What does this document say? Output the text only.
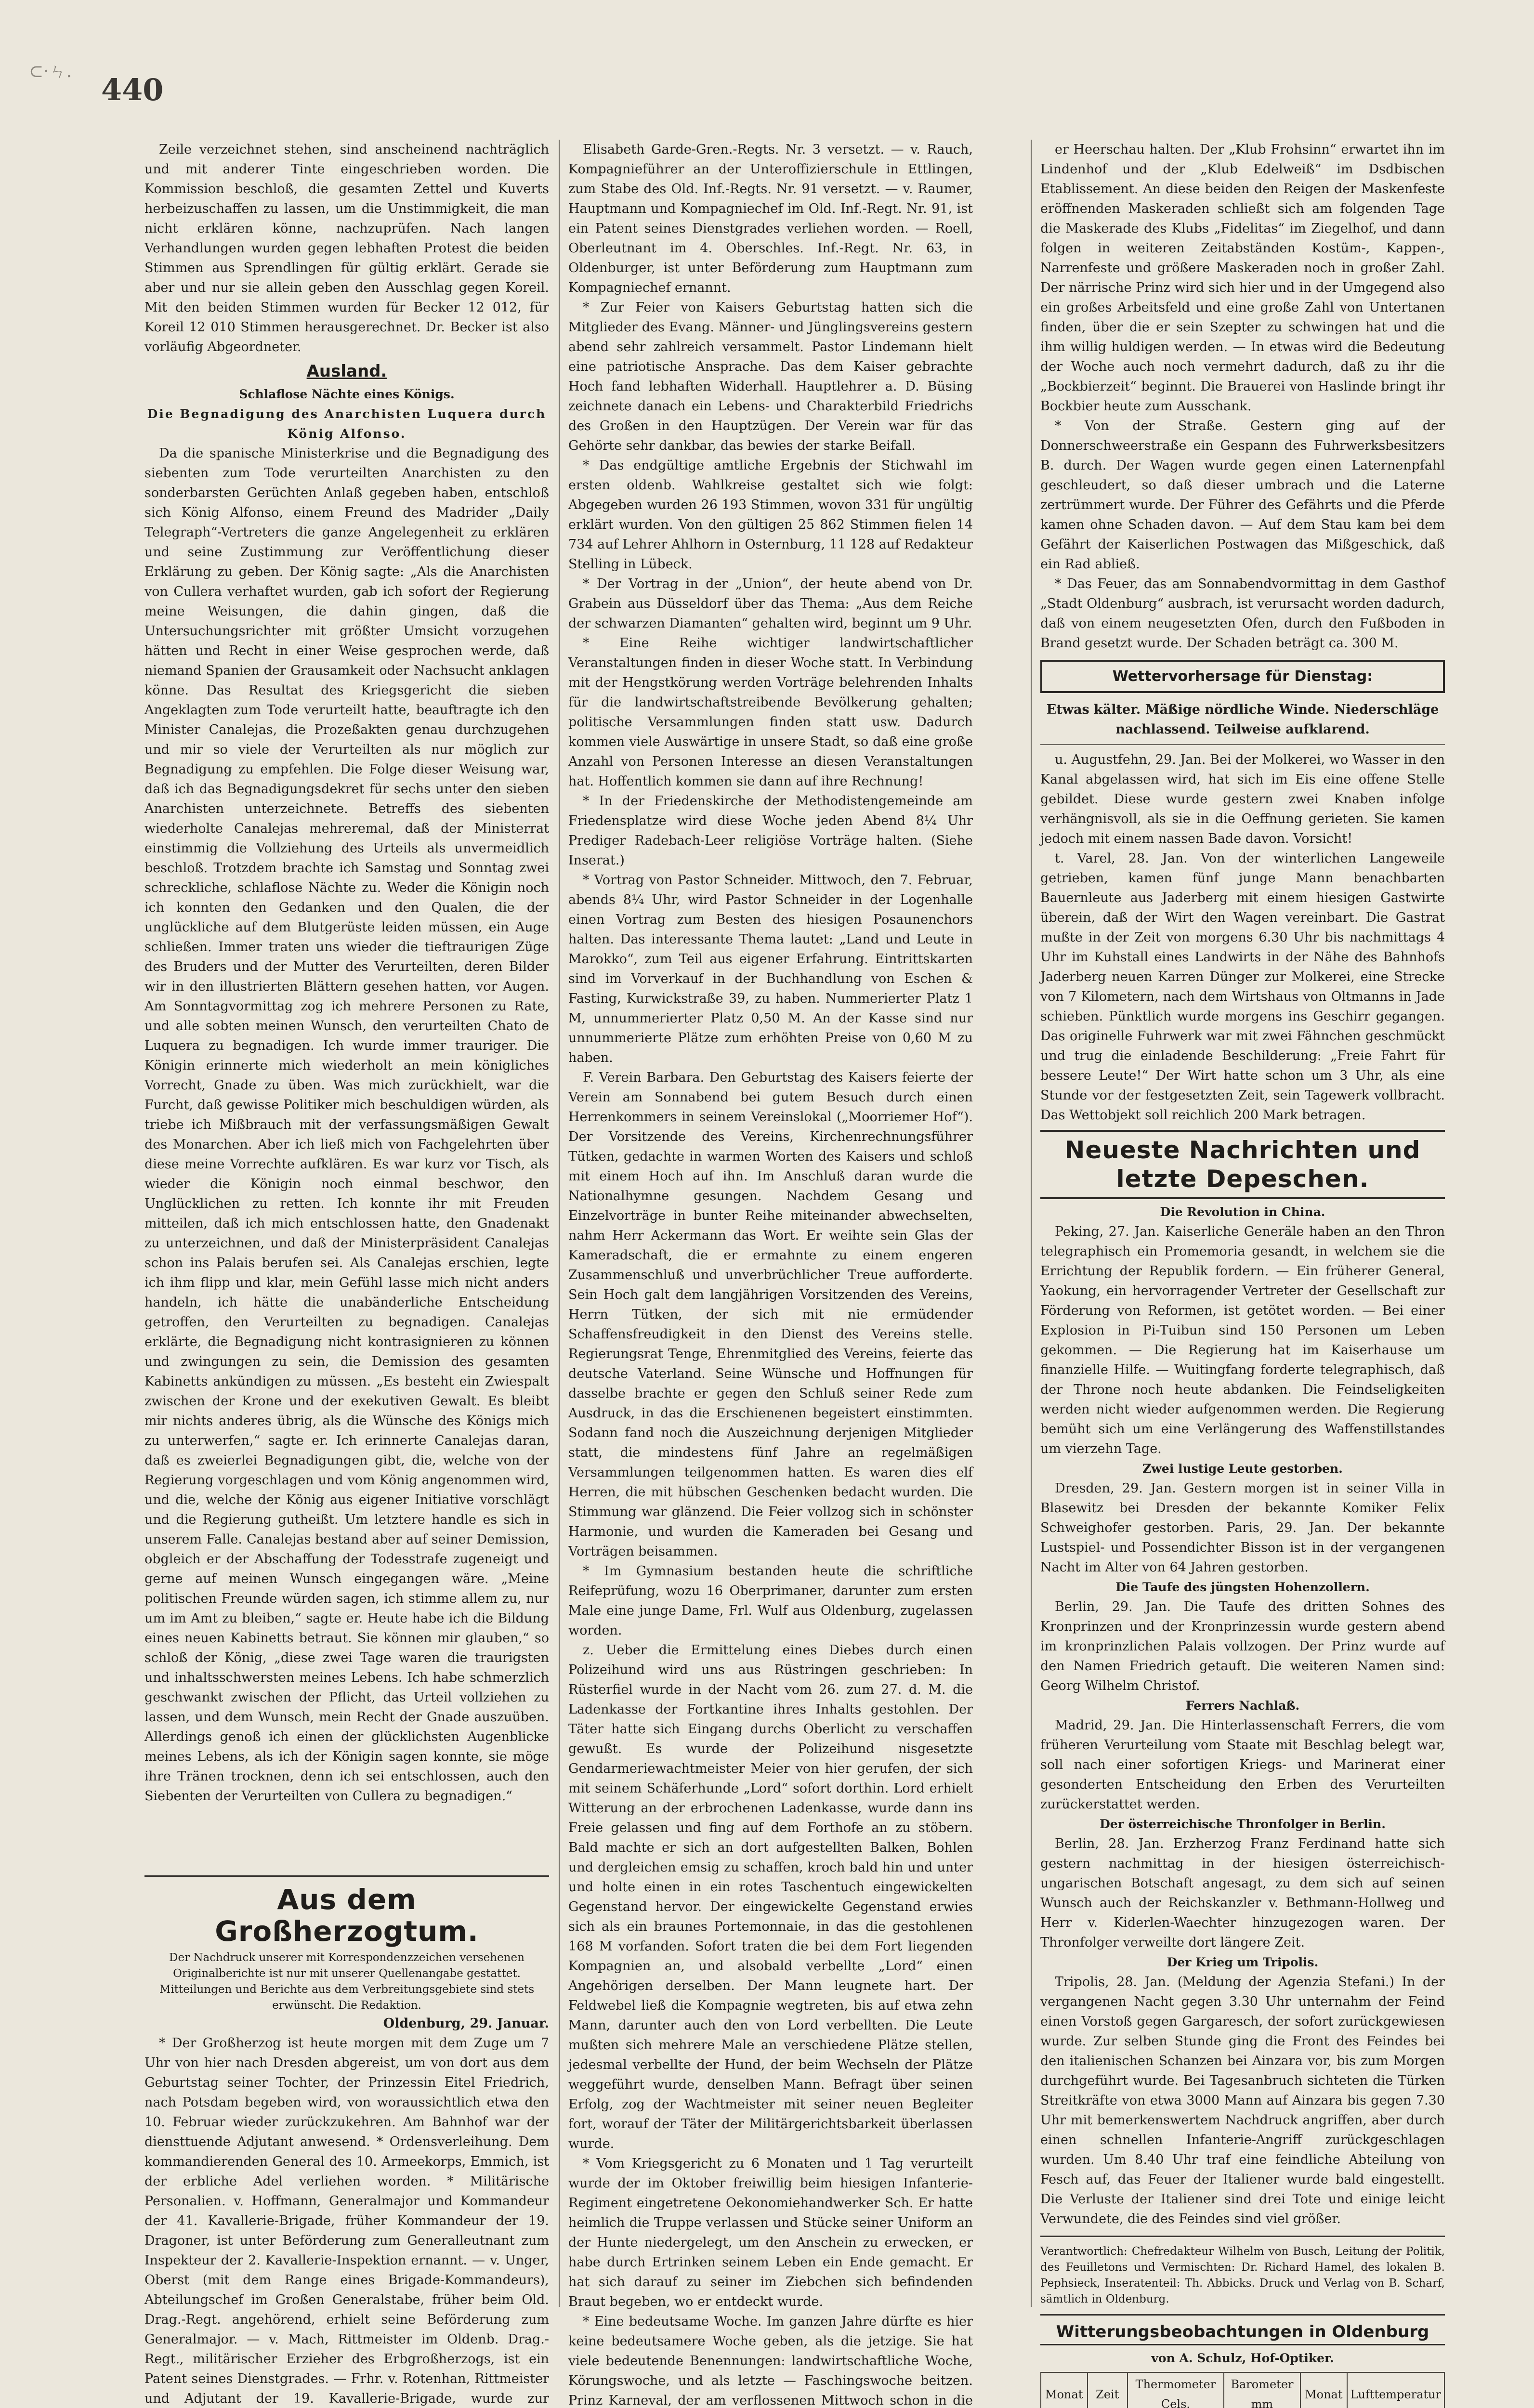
⊂·ㄣ.
440

Zeile verzeichnet stehen, sind anscheinend nachträglich und mit anderer Tinte eingeschrieben worden. Die Kommission beschloß, die gesamten Zettel und Kuverts herbeizuschaffen zu lassen, um die Unstimmigkeit, die man nicht erklären könne, nachzuprüfen. Nach langen Verhandlungen wurden gegen lebhaften Protest die beiden Stimmen aus Sprendlingen für gültig erklärt. Gerade sie aber und nur sie allein geben den Ausschlag gegen Koreil. Mit den beiden Stimmen wurden für Becker 12 012, für Koreil 12 010 Stimmen herausgerechnet. Dr. Becker ist also vorläufig Abgeordneter.

Ausland.
Schlaflose Nächte eines Königs.
Die Begnadigung des Anarchisten Luquera durch König Alfonso.

Da die spanische Ministerkrise und die Begnadigung des siebenten zum Tode verurteilten Anarchisten zu den sonderbarsten Gerüchten Anlaß gegeben haben, entschloß sich König Alfonso, einem Freund des Madrider „Daily Telegraph“-Vertreters die ganze Angelegenheit zu erklären und seine Zustimmung zur Veröffentlichung dieser Erklärung zu geben. Der König sagte: „Als die Anarchisten von Cullera verhaftet wurden, gab ich sofort der Regierung meine Weisungen, die dahin gingen, daß die Untersuchungsrichter mit größter Umsicht vorzugehen hätten und Recht in einer Weise gesprochen werde, daß niemand Spanien der Grausamkeit oder Nachsucht anklagen könne. Das Resultat des Kriegsgericht die sieben Angeklagten zum Tode verurteilt hatte, beauftragte ich den Minister Canalejas, die Prozeßakten genau durchzugehen und mir so viele der Verurteilten als nur möglich zur Begnadigung zu empfehlen. Die Folge dieser Weisung war, daß ich das Begnadigungsdekret für sechs unter den sieben Anarchisten unterzeichnete. Betreffs des siebenten wiederholte Canalejas mehreremal, daß der Ministerrat einstimmig die Vollziehung des Urteils als unvermeidlich beschloß. Trotzdem brachte ich Samstag und Sonntag zwei schreckliche, schlaflose Nächte zu. Weder die Königin noch ich konnten den Gedanken und den Qualen, die der unglückliche auf dem Blutgerüste leiden müssen, ein Auge schließen. Immer traten uns wieder die tieftraurigen Züge des Bruders und der Mutter des Verurteilten, deren Bilder wir in den illustrierten Blättern gesehen hatten, vor Augen. Am Sonntagvormittag zog ich mehrere Personen zu Rate, und alle sobten meinen Wunsch, den verurteilten Chato de Luquera zu begnadigen. Ich wurde immer trauriger. Die Königin erinnerte mich wiederholt an mein königliches Vorrecht, Gnade zu üben. Was mich zurückhielt, war die Furcht, daß gewisse Politiker mich beschuldigen würden, als triebe ich Mißbrauch mit der verfassungsmäßigen Gewalt des Monarchen. Aber ich ließ mich von Fachgelehrten über diese meine Vorrechte aufklären. Es war kurz vor Tisch, als wieder die Königin noch einmal beschwor, den Unglücklichen zu retten. Ich konnte ihr mit Freuden mitteilen, daß ich mich entschlossen hatte, den Gnadenakt zu unterzeichnen, und daß der Ministerpräsident Canalejas schon ins Palais berufen sei. Als Canalejas erschien, legte ich ihm flipp und klar, mein Gefühl lasse mich nicht anders handeln, ich hätte die unabänderliche Entscheidung getroffen, den Verurteilten zu begnadigen. Canalejas erklärte, die Begnadigung nicht kontrasignieren zu können und zwingungen zu sein, die Demission des gesamten Kabinetts ankündigen zu müssen. „Es besteht ein Zwiespalt zwischen der Krone und der exekutiven Gewalt. Es bleibt mir nichts anderes übrig, als die Wünsche des Königs mich zu unterwerfen,“ sagte er. Ich erinnerte Canalejas daran, daß es zweierlei Begnadigungen gibt, die, welche von der Regierung vorgeschlagen und vom König angenommen wird, und die, welche der König aus eigener Initiative vorschlägt und die Regierung gutheißt. Um letztere handle es sich in unserem Falle. Canalejas bestand aber auf seiner Demission, obgleich er der Abschaffung der Todesstrafe zugeneigt und gerne auf meinen Wunsch eingegangen wäre. „Meine politischen Freunde würden sagen, ich stimme allem zu, nur um im Amt zu bleiben,“ sagte er. Heute habe ich die Bildung eines neuen Kabinetts betraut. Sie können mir glauben,“ so schloß der König, „diese zwei Tage waren die traurigsten und inhaltsschwersten meines Lebens. Ich habe schmerzlich geschwankt zwischen der Pflicht, das Urteil vollziehen zu lassen, und dem Wunsch, mein Recht der Gnade auszuüben. Allerdings genoß ich einen der glücklichsten Augenblicke meines Lebens, als ich der Königin sagen konnte, sie möge ihre Tränen trocknen, denn ich sei entschlossen, auch den Siebenten der Verurteilten von Cullera zu begnadigen.“

Aus dem Großherzogtum.
Der Nachdruck unserer mit Korrespondenzzeichen versehenen Originalberichte ist nur mit unserer Quellenangabe gestattet. Mitteilungen und Berichte aus dem Verbreitungsgebiete sind stets erwünscht. Die Redaktion.
Oldenburg, 29. Januar.

* Der Großherzog ist heute morgen mit dem Zuge um 7 Uhr von hier nach Dresden abgereist, um von dort aus dem Geburtstag seiner Tochter, der Prinzessin Eitel Friedrich, nach Potsdam begeben wird, von woraussichtlich etwa den 10. Februar wieder zurückzukehren. Am Bahnhof war der diensttuende Adjutant anwesend. * Ordensverleihung. Dem kommandierenden General des 10. Armeekorps, Emmich, ist der erbliche Adel verliehen worden. * Militärische Personalien. v. Hoffmann, Generalmajor und Kommandeur der 41. Kavallerie-Brigade, früher Kommandeur der 19. Dragoner, ist unter Beförderung zum Generalleutnant zum Inspekteur der 2. Kavallerie-Inspektion ernannt. — v. Unger, Oberst (mit dem Range eines Brigade-Kommandeurs), Abteilungschef im Großen Generalstabe, früher beim Old. Drag.-Regt. angehörend, erhielt seine Beförderung zum Generalmajor. — v. Mach, Rittmeister im Oldenb. Drag.-Regt., militärischer Erzieher des Erbgroßherzogs, ist ein Patent seines Dienstgrades. — Frhr. v. Rotenhan, Rittmeister und Adjutant der 19. Kavallerie-Brigade, wurde zur

Elisabeth Garde-Gren.-Regts. Nr. 3 versetzt. — v. Rauch, Kompagnieführer an der Unteroffizierschule in Ettlingen, zum Stabe des Old. Inf.-Regts. Nr. 91 versetzt. — v. Raumer, Hauptmann und Kompagniechef im Old. Inf.-Regt. Nr. 91, ist ein Patent seines Dienstgrades verliehen worden. — Roell, Oberleutnant im 4. Oberschles. Inf.-Regt. Nr. 63, in Oldenburger, ist unter Beförderung zum Hauptmann zum Kompagniechef ernannt.

* Zur Feier von Kaisers Geburtstag hatten sich die Mitglieder des Evang. Männer- und Jünglingsvereins gestern abend sehr zahlreich versammelt. Pastor Lindemann hielt eine patriotische Ansprache. Das dem Kaiser gebrachte Hoch fand lebhaften Widerhall. Hauptlehrer a. D. Büsing zeichnete danach ein Lebens- und Charakterbild Friedrichs des Großen in den Hauptzügen. Der Verein war für das Gehörte sehr dankbar, das bewies der starke Beifall.

* Das endgültige amtliche Ergebnis der Stichwahl im ersten oldenb. Wahlkreise gestaltet sich wie folgt: Abgegeben wurden 26 193 Stimmen, wovon 331 für ungültig erklärt wurden. Von den gültigen 25 862 Stimmen fielen 14 734 auf Lehrer Ahlhorn in Osternburg, 11 128 auf Redakteur Stelling in Lübeck.

* Der Vortrag in der „Union“, der heute abend von Dr. Grabein aus Düsseldorf über das Thema: „Aus dem Reiche der schwarzen Diamanten“ gehalten wird, beginnt um 9 Uhr.

* Eine Reihe wichtiger landwirtschaftlicher Veranstaltungen finden in dieser Woche statt. In Verbindung mit der Hengstkörung werden Vorträge belehrenden Inhalts für die landwirtschaftstreibende Bevölkerung gehalten; politische Versammlungen finden statt usw. Dadurch kommen viele Auswärtige in unsere Stadt, so daß eine große Anzahl von Personen Interesse an diesen Veranstaltungen hat. Hoffentlich kommen sie dann auf ihre Rechnung!

* In der Friedenskirche der Methodistengemeinde am Friedensplatze wird diese Woche jeden Abend 8¼ Uhr Prediger Radebach-Leer religiöse Vorträge halten. (Siehe Inserat.)

* Vortrag von Pastor Schneider. Mittwoch, den 7. Februar, abends 8¼ Uhr, wird Pastor Schneider in der Logenhalle einen Vortrag zum Besten des hiesigen Posaunenchors halten. Das interessante Thema lautet: „Land und Leute in Marokko“, zum Teil aus eigener Erfahrung. Eintrittskarten sind im Vorverkauf in der Buchhandlung von Eschen & Fasting, Kurwickstraße 39, zu haben. Nummerierter Platz 1 M, unnummerierter Platz 0,50 M. An der Kasse sind nur unnummerierte Plätze zum erhöhten Preise von 0,60 M zu haben.

F. Verein Barbara. Den Geburtstag des Kaisers feierte der Verein am Sonnabend bei gutem Besuch durch einen Herrenkommers in seinem Vereinslokal („Moorriemer Hof“). Der Vorsitzende des Vereins, Kirchenrechnungsführer Tütken, gedachte in warmen Worten des Kaisers und schloß mit einem Hoch auf ihn. Im Anschluß daran wurde die Nationalhymne gesungen. Nachdem Gesang und Einzelvorträge in bunter Reihe miteinander abwechselten, nahm Herr Ackermann das Wort. Er weihte sein Glas der Kameradschaft, die er ermahnte zu einem engeren Zusammenschluß und unverbrüchlicher Treue aufforderte. Sein Hoch galt dem langjährigen Vorsitzenden des Vereins, Herrn Tütken, der sich mit nie ermüdender Schaffensfreudigkeit in den Dienst des Vereins stelle. Regierungsrat Tenge, Ehrenmitglied des Vereins, feierte das deutsche Vaterland. Seine Wünsche und Hoffnungen für dasselbe brachte er gegen den Schluß seiner Rede zum Ausdruck, in das die Erschienenen begeistert einstimmten. Sodann fand noch die Auszeichnung derjenigen Mitglieder statt, die mindestens fünf Jahre an regelmäßigen Versammlungen teilgenommen hatten. Es waren dies elf Herren, die mit hübschen Geschenken bedacht wurden. Die Stimmung war glänzend. Die Feier vollzog sich in schönster Harmonie, und wurden die Kameraden bei Gesang und Vorträgen beisammen.

* Im Gymnasium bestanden heute die schriftliche Reifeprüfung, wozu 16 Oberprimaner, darunter zum ersten Male eine junge Dame, Frl. Wulf aus Oldenburg, zugelassen worden.

z. Ueber die Ermittelung eines Diebes durch einen Polizeihund wird uns aus Rüstringen geschrieben: In Rüsterfiel wurde in der Nacht vom 26. zum 27. d. M. die Ladenkasse der Fortkantine ihres Inhalts gestohlen. Der Täter hatte sich Eingang durchs Oberlicht zu verschaffen gewußt. Es wurde der Polizeihund nisgesetzte Gendarmeriewachtmeister Meier von hier gerufen, der sich mit seinem Schäferhunde „Lord“ sofort dorthin. Lord erhielt Witterung an der erbrochenen Ladenkasse, wurde dann ins Freie gelassen und fing auf dem Forthofe an zu stöbern. Bald machte er sich an dort aufgestellten Balken, Bohlen und dergleichen emsig zu schaffen, kroch bald hin und unter und holte einen in ein rotes Taschentuch eingewickelten Gegenstand hervor. Der eingewickelte Gegenstand erwies sich als ein braunes Portemonnaie, in das die gestohlenen 168 M vorfanden. Sofort traten die bei dem Fort liegenden Kompagnien an, und alsobald verbellte „Lord“ einen Angehörigen derselben. Der Mann leugnete hart. Der Feldwebel ließ die Kompagnie wegtreten, bis auf etwa zehn Mann, darunter auch den von Lord verbellten. Die Leute mußten sich mehrere Male an verschiedene Plätze stellen, jedesmal verbellte der Hund, der beim Wechseln der Plätze weggeführt wurde, denselben Mann. Befragt über seinen Erfolg, zog der Wachtmeister mit seiner neuen Begleiter fort, worauf der Täter der Militärgerichtsbarkeit überlassen wurde.

* Vom Kriegsgericht zu 6 Monaten und 1 Tag verurteilt wurde der im Oktober freiwillig beim hiesigen Infanterie-Regiment eingetretene Oekonomiehandwerker Sch. Er hatte heimlich die Truppe verlassen und Stücke seiner Uniform an der Hunte niedergelegt, um den Anschein zu erwecken, er habe durch Ertrinken seinem Leben ein Ende gemacht. Er hat sich darauf zu seiner im Ziebchen sich befindenden Braut begeben, wo er entdeckt wurde.

* Eine bedeutsame Woche. Im ganzen Jahre dürfte es hier keine bedeutsamere Woche geben, als die jetzige. Sie hat viele bedeutende Benennungen: landwirtschaftliche Woche, Körungswoche, und als letzte — Faschingswoche beitzen. Prinz Karneval, der am verflossenen Mittwoch schon in die

er Heerschau halten. Der „Klub Frohsinn“ erwartet ihn im Lindenhof und der „Klub Edelweiß“ im Dsdbischen Etablissement. An diese beiden den Reigen der Maskenfeste eröffnenden Maskeraden schließt sich am folgenden Tage die Maskerade des Klubs „Fidelitas“ im Ziegelhof, und dann folgen in weiteren Zeitabständen Kostüm-, Kappen-, Narrenfeste und größere Maskeraden noch in großer Zahl. Der närrische Prinz wird sich hier und in der Umgegend also ein großes Arbeitsfeld und eine große Zahl von Untertanen finden, über die er sein Szepter zu schwingen hat und die ihm willig huldigen werden. — In etwas wird die Bedeutung der Woche auch noch vermehrt dadurch, daß zu ihr die „Bockbierzeit“ beginnt. Die Brauerei von Haslinde bringt ihr Bockbier heute zum Ausschank.

* Von der Straße. Gestern ging auf der Donnerschweerstraße ein Gespann des Fuhrwerksbesitzers B. durch. Der Wagen wurde gegen einen Laternenpfahl geschleudert, so daß dieser umbrach und die Laterne zertrümmert wurde. Der Führer des Gefährts und die Pferde kamen ohne Schaden davon. — Auf dem Stau kam bei dem Gefährt der Kaiserlichen Postwagen das Mißgeschick, daß ein Rad abließ.

* Das Feuer, das am Sonnabendvormittag in dem Gasthof „Stadt Oldenburg“ ausbrach, ist verursacht worden dadurch, daß von einem neugesetzten Ofen, durch den Fußboden in Brand gesetzt wurde. Der Schaden beträgt ca. 300 M.

Wettervorhersage für Dienstag:
Etwas kälter. Mäßige nördliche Winde. Niederschläge nachlassend. Teilweise aufklarend.

u. Augustfehn, 29. Jan. Bei der Molkerei, wo Wasser in den Kanal abgelassen wird, hat sich im Eis eine offene Stelle gebildet. Diese wurde gestern zwei Knaben infolge verhängnisvoll, als sie in die Oeffnung gerieten. Sie kamen jedoch mit einem nassen Bade davon. Vorsicht!

t. Varel, 28. Jan. Von der winterlichen Langeweile getrieben, kamen fünf junge Mann benachbarten Bauernleute aus Jaderberg mit einem hiesigen Gastwirte überein, daß der Wirt den Wagen vereinbart. Die Gastrat mußte in der Zeit von morgens 6.30 Uhr bis nachmittags 4 Uhr im Kuhstall eines Landwirts in der Nähe des Bahnhofs Jaderberg neuen Karren Dünger zur Molkerei, eine Strecke von 7 Kilometern, nach dem Wirtshaus von Oltmanns in Jade schieben. Pünktlich wurde morgens ins Geschirr gegangen. Das originelle Fuhrwerk war mit zwei Fähnchen geschmückt und trug die einladende Beschilderung: „Freie Fahrt für bessere Leute!“ Der Wirt hatte schon um 3 Uhr, als eine Stunde vor der festgesetzten Zeit, sein Tagewerk vollbracht. Das Wettobjekt soll reichlich 200 Mark betragen.

Neueste Nachrichten und letzte Depeschen.
Die Revolution in China.

Peking, 27. Jan. Kaiserliche Generäle haben an den Thron telegraphisch ein Promemoria gesandt, in welchem sie die Errichtung der Republik fordern. — Ein früherer General, Yaokung, ein hervorragender Vertreter der Gesellschaft zur Förderung von Reformen, ist getötet worden. — Bei einer Explosion in Pi-Tuibun sind 150 Personen um Leben gekommen. — Die Regierung hat im Kaiserhause um finanzielle Hilfe. — Wuitingfang forderte telegraphisch, daß der Throne noch heute abdanken. Die Feindseligkeiten werden nicht wieder aufgenommen werden. Die Regierung bemüht sich um eine Verlängerung des Waffenstillstandes um vierzehn Tage.

Zwei lustige Leute gestorben.

Dresden, 29. Jan. Gestern morgen ist in seiner Villa in Blasewitz bei Dresden der bekannte Komiker Felix Schweighofer gestorben. Paris, 29. Jan. Der bekannte Lustspiel- und Possendichter Bisson ist in der vergangenen Nacht im Alter von 64 Jahren gestorben.

Die Taufe des jüngsten Hohenzollern.

Berlin, 29. Jan. Die Taufe des dritten Sohnes des Kronprinzen und der Kronprinzessin wurde gestern abend im kronprinzlichen Palais vollzogen. Der Prinz wurde auf den Namen Friedrich getauft. Die weiteren Namen sind: Georg Wilhelm Christof.

Ferrers Nachlaß.

Madrid, 29. Jan. Die Hinterlassenschaft Ferrers, die vom früheren Verurteilung vom Staate mit Beschlag belegt war, soll nach einer sofortigen Kriegs- und Marinerat einer gesonderten Entscheidung den Erben des Verurteilten zurückerstattet werden.

Der österreichische Thronfolger in Berlin.

Berlin, 28. Jan. Erzherzog Franz Ferdinand hatte sich gestern nachmittag in der hiesigen österreichisch-ungarischen Botschaft angesagt, zu dem sich auf seinen Wunsch auch der Reichskanzler v. Bethmann-Hollweg und Herr v. Kiderlen-Waechter hinzugezogen waren. Der Thronfolger verweilte dort längere Zeit.

Der Krieg um Tripolis.

Tripolis, 28. Jan. (Meldung der Agenzia Stefani.) In der vergangenen Nacht gegen 3.30 Uhr unternahm der Feind einen Vorstoß gegen Gargaresch, der sofort zurückgewiesen wurde. Zur selben Stunde ging die Front des Feindes bei den italienischen Schanzen bei Ainzara vor, bis zum Morgen durchgeführt wurde. Bei Tagesanbruch sichteten die Türken Streitkräfte von etwa 3000 Mann auf Ainzara bis gegen 7.30 Uhr mit bemerkenswertem Nachdruck angriffen, aber durch einen schnellen Infanterie-Angriff zurückgeschlagen wurden. Um 8.40 Uhr traf eine feindliche Abteilung von Fesch auf, das Feuer der Italiener wurde bald eingestellt. Die Verluste der Italiener sind drei Tote und einige leicht Verwundete, die des Feindes sind viel größer.

Verantwortlich: Chefredakteur Wilhelm von Busch, Leitung der Politik, des Feuilletons und Vermischten: Dr. Richard Hamel, des lokalen B. Pephsieck, Inseratenteil: Th. Abbicks. Druck und Verlag von B. Scharf, sämtlich in Oldenburg.
Witterungsbeobachtungen in Oldenburg
von A. Schulz, Hof-Optiker.
Monat	Zeit	Thermometer Cels.	Barometer mm	Monat	Lufttemperatur	
